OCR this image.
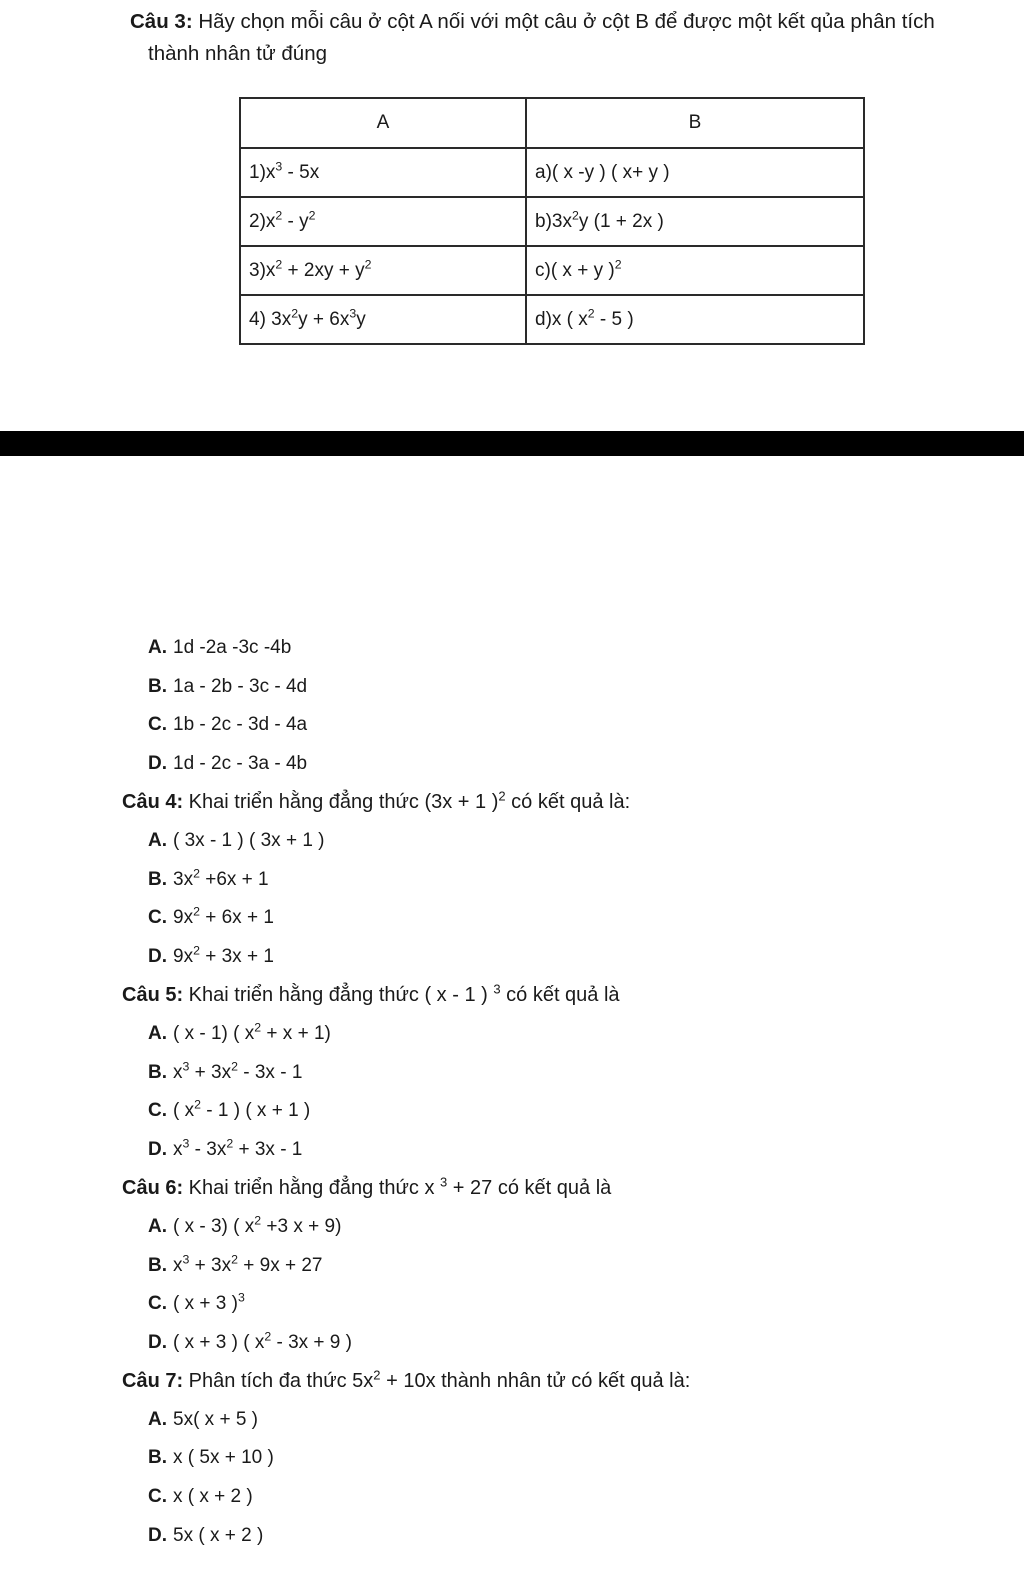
Câu 3: Hãy chọn mỗi câu ở cột A nối với một câu ở cột B để được một kết qủa phân tích
thành nhân tử đúng
A	B
$1)x^3 - 5x$	a)( x -y ) ( x+ y )
$2)x^2 - y^2$	$b)3x^2y$ (1 + 2x )
$3)x^2 + 2xy + y^2$	c)( x + y )$^2$
4) $3x^2y + 6x^3y$	d)x ( $x^2 - 5$ )
A. 1d -2a -3c -4b
B. 1a - 2b - 3c - 4d
C. 1b - 2c - 3d - 4a
D. 1d - 2c - 3a - 4b
Câu 4: Khai triển hằng đẳng thức (3x + 1 )$^2$ có kết quả là:
A. ( 3x - 1 ) ( 3x + 1 )
B. $3x^2 +6x + 1$
C. $9x^2 + 6x + 1$
D. $9x^2 + 3x + 1$
Câu 5: Khai triển hằng đẳng thức ( x - 1 ) $^3$ có kết quả là
A. ( x - 1) ( $x^2 + x + 1$)
B. $x^3 + 3x^2 - 3x - 1$
C. ( $x^2 - 1$ ) ( x + 1 )
D. $x^3 - 3x^2 + 3x - 1$
Câu 6: Khai triển hằng đẳng thức x $^3$ + 27 có kết quả là
A. ( x - 3) ( $x^2 +3$ x + 9)
B. $x^3 + 3x^2 + 9x + 27$
C. ( x + 3 )$^3$
D. ( x + 3 ) ( $x^2 - 3x + 9$ )
Câu 7: Phân tích đa thức $5x^2 + 10x$ thành nhân tử có kết quả là:
A. 5x( x + 5 )
B. x ( 5x + 10 )
C. x ( x + 2 )
D. 5x ( x + 2 )
